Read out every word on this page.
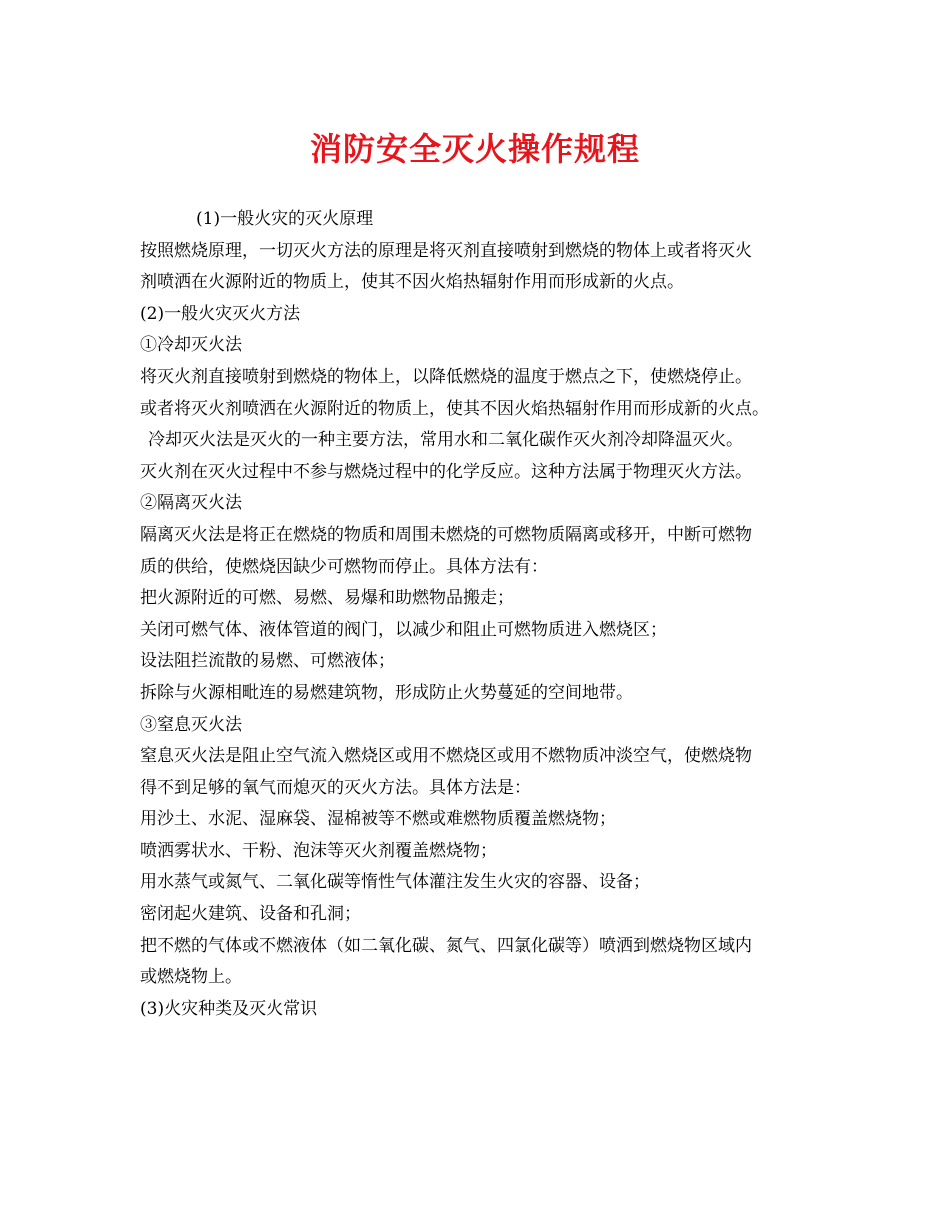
消防安全灭火操作规程
(1)一般火灾的灭火原理
按照燃烧原理，一切灭火方法的原理是将灭剂直接喷射到燃烧的物体上或者将灭火
剂喷洒在火源附近的物质上，使其不因火焰热辐射作用而形成新的火点。
(2)一般火灾灭火方法
①冷却灭火法
将灭火剂直接喷射到燃烧的物体上，以降低燃烧的温度于燃点之下，使燃烧停止。
或者将灭火剂喷洒在火源附近的物质上，使其不因火焰热辐射作用而形成新的火点。
冷却灭火法是灭火的一种主要方法，常用水和二氧化碳作灭火剂冷却降温灭火。
灭火剂在灭火过程中不参与燃烧过程中的化学反应。这种方法属于物理灭火方法。
②隔离灭火法
隔离灭火法是将正在燃烧的物质和周围未燃烧的可燃物质隔离或移开，中断可燃物
质的供给，使燃烧因缺少可燃物而停止。具体方法有：
把火源附近的可燃、易燃、易爆和助燃物品搬走；
关闭可燃气体、液体管道的阀门，以减少和阻止可燃物质进入燃烧区；
设法阻拦流散的易燃、可燃液体；
拆除与火源相毗连的易燃建筑物，形成防止火势蔓延的空间地带。
③窒息灭火法
窒息灭火法是阻止空气流入燃烧区或用不燃烧区或用不燃物质冲淡空气，使燃烧物
得不到足够的氧气而熄灭的灭火方法。具体方法是：
用沙土、水泥、湿麻袋、湿棉被等不燃或难燃物质覆盖燃烧物；
喷洒雾状水、干粉、泡沫等灭火剂覆盖燃烧物；
用水蒸气或氮气、二氧化碳等惰性气体灌注发生火灾的容器、设备；
密闭起火建筑、设备和孔洞；
把不燃的气体或不燃液体（如二氧化碳、氮气、四氯化碳等）喷洒到燃烧物区域内
或燃烧物上。
(3)火灾种类及灭火常识
